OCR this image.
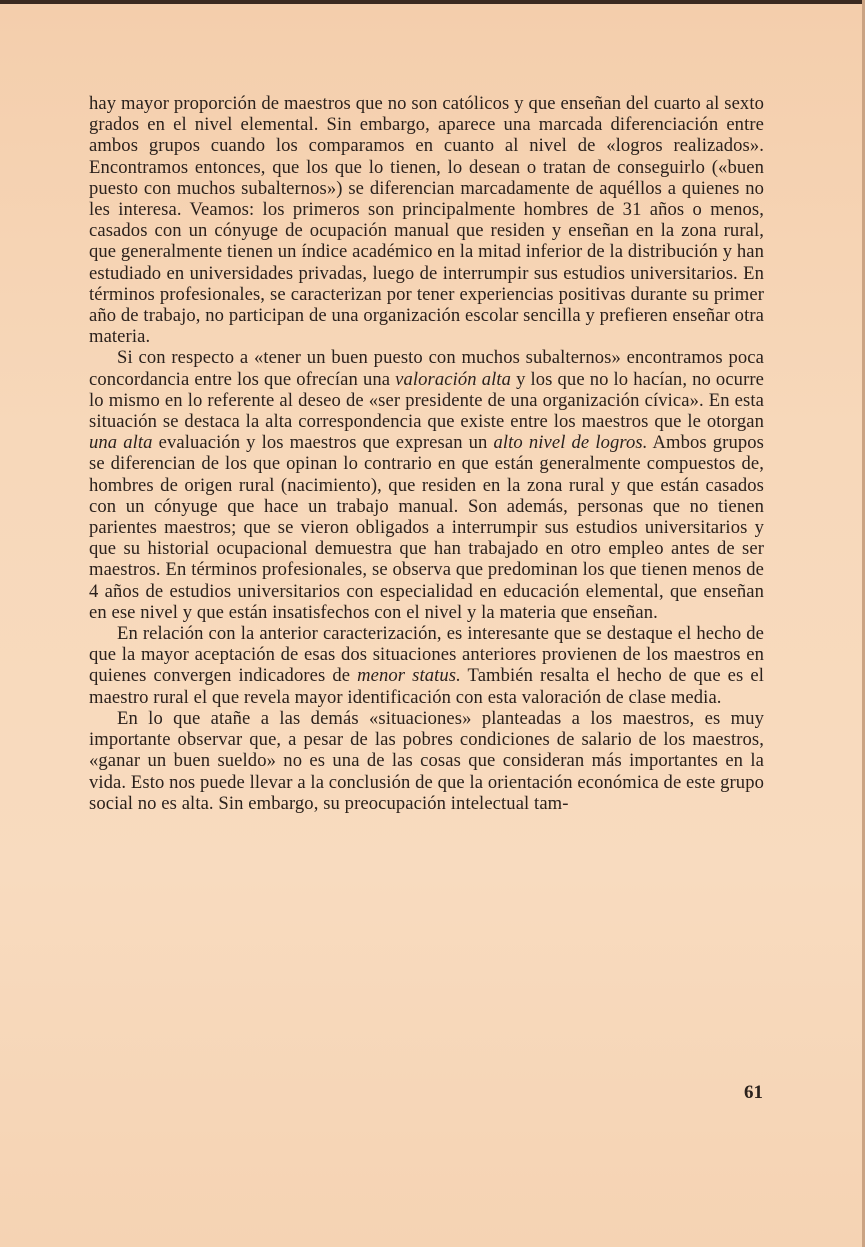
hay mayor proporción de maestros que no son católicos y que enseñan del cuarto al sexto grados en el nivel elemental. Sin embargo, aparece una marcada diferenciación entre ambos grupos cuando los comparamos en cuanto al nivel de «logros realizados». Encontramos entonces, que los que lo tienen, lo desean o tratan de conseguirlo («buen puesto con muchos subalternos») se diferencian marcadamente de aquéllos a quienes no les interesa. Veamos: los primeros son principalmente hombres de 31 años o menos, casados con un cónyuge de ocupación manual que residen y enseñan en la zona rural, que generalmente tienen un índice académico en la mitad inferior de la distribución y han estudiado en universidades privadas, luego de interrumpir sus estudios universitarios. En términos profesionales, se caracterizan por tener experiencias positivas durante su primer año de trabajo, no participan de una organización escolar sencilla y prefieren enseñar otra materia.

Si con respecto a «tener un buen puesto con muchos subalternos» encontramos poca concordancia entre los que ofrecían una valoración alta y los que no lo hacían, no ocurre lo mismo en lo referente al deseo de «ser presidente de una organización cívica». En esta situación se destaca la alta correspondencia que existe entre los maestros que le otorgan una alta evaluación y los maestros que expresan un alto nivel de logros. Ambos grupos se diferencian de los que opinan lo contrario en que están generalmente compuestos de, hombres de origen rural (nacimiento), que residen en la zona rural y que están casados con un cónyuge que hace un trabajo manual. Son además, personas que no tienen parientes maestros; que se vieron obligados a interrumpir sus estudios universitarios y que su historial ocupacional demuestra que han trabajado en otro empleo antes de ser maestros. En términos profesionales, se observa que predominan los que tienen menos de 4 años de estudios universitarios con especialidad en educación elemental, que enseñan en ese nivel y que están insatisfechos con el nivel y la materia que enseñan.

En relación con la anterior caracterización, es interesante que se destaque el hecho de que la mayor aceptación de esas dos situaciones anteriores provienen de los maestros en quienes convergen indicadores de menor status. También resalta el hecho de que es el maestro rural el que revela mayor identificación con esta valoración de clase media.

En lo que atañe a las demás «situaciones» planteadas a los maestros, es muy importante observar que, a pesar de las pobres condiciones de salario de los maestros, «ganar un buen sueldo» no es una de las cosas que consideran más importantes en la vida. Esto nos puede llevar a la conclusión de que la orientación económica de este grupo social no es alta. Sin embargo, su preocupación intelectual tam-

61
